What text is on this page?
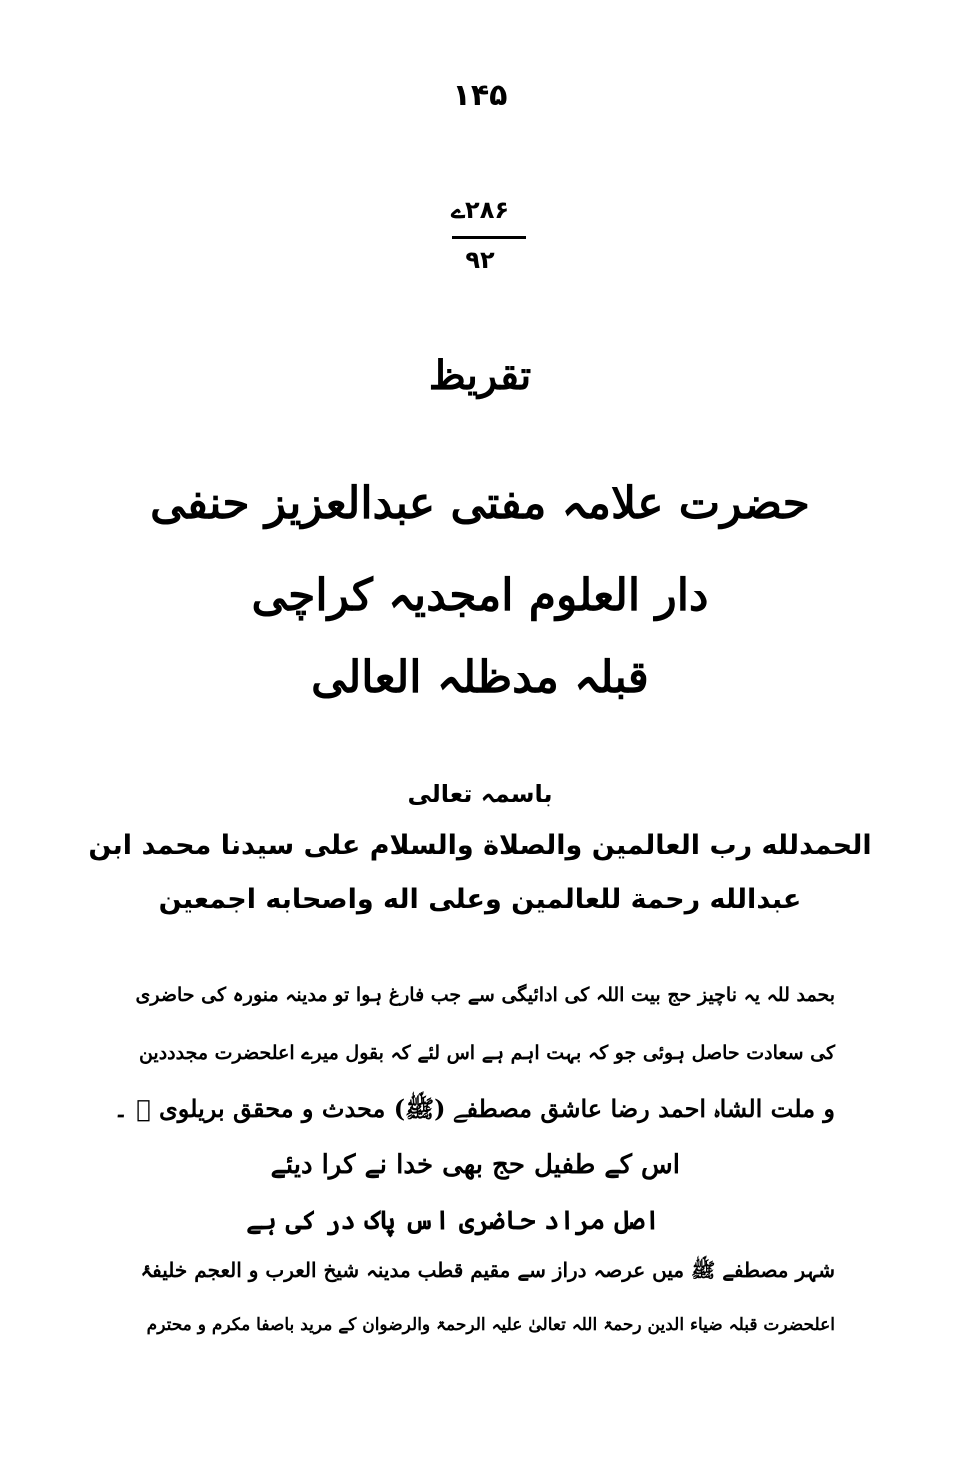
۱۴۵
۲۸۶ے
۹۲
تقریظ
حضرت علامہ مفتی عبدالعزیز حنفی
دار العلوم امجدیہ کراچی
قبلہ مدظلہ العالی
باسمہ تعالی
الحمدلله رب العالمين والصلاة والسلام على سيدنا محمد ابن
عبدالله رحمة للعالمين وعلى اله واصحابه اجمعين
بحمد للہ یہ ناچیز حج بیت اللہ کی ادائیگی سے جب فارغ ہوا تو مدینہ منورہ کی حاضری
کی سعادت حاصل ہوئی جو کہ بہت اہم ہے اس لئے کہ بقول میرے اعلحضرت مجدددین
و ملت الشاہ احمد رضا عاشق مصطفے (ﷺ) محدث و محقق بریلوی ﷫ ۔
اس کے طفیل حج بھی خدا نے کرا دیئے
اصل مراد حاضری اس پاک در کی ہے
شہر مصطفے ﷺ میں عرصہ دراز سے مقیم قطب مدینہ شیخ العرب و العجم خلیفۂ
اعلحضرت قبلہ ضیاء الدین رحمۃ اللہ تعالیٰ علیہ الرحمۃ والرضوان کے مرید باصفا مکرم و محترم
